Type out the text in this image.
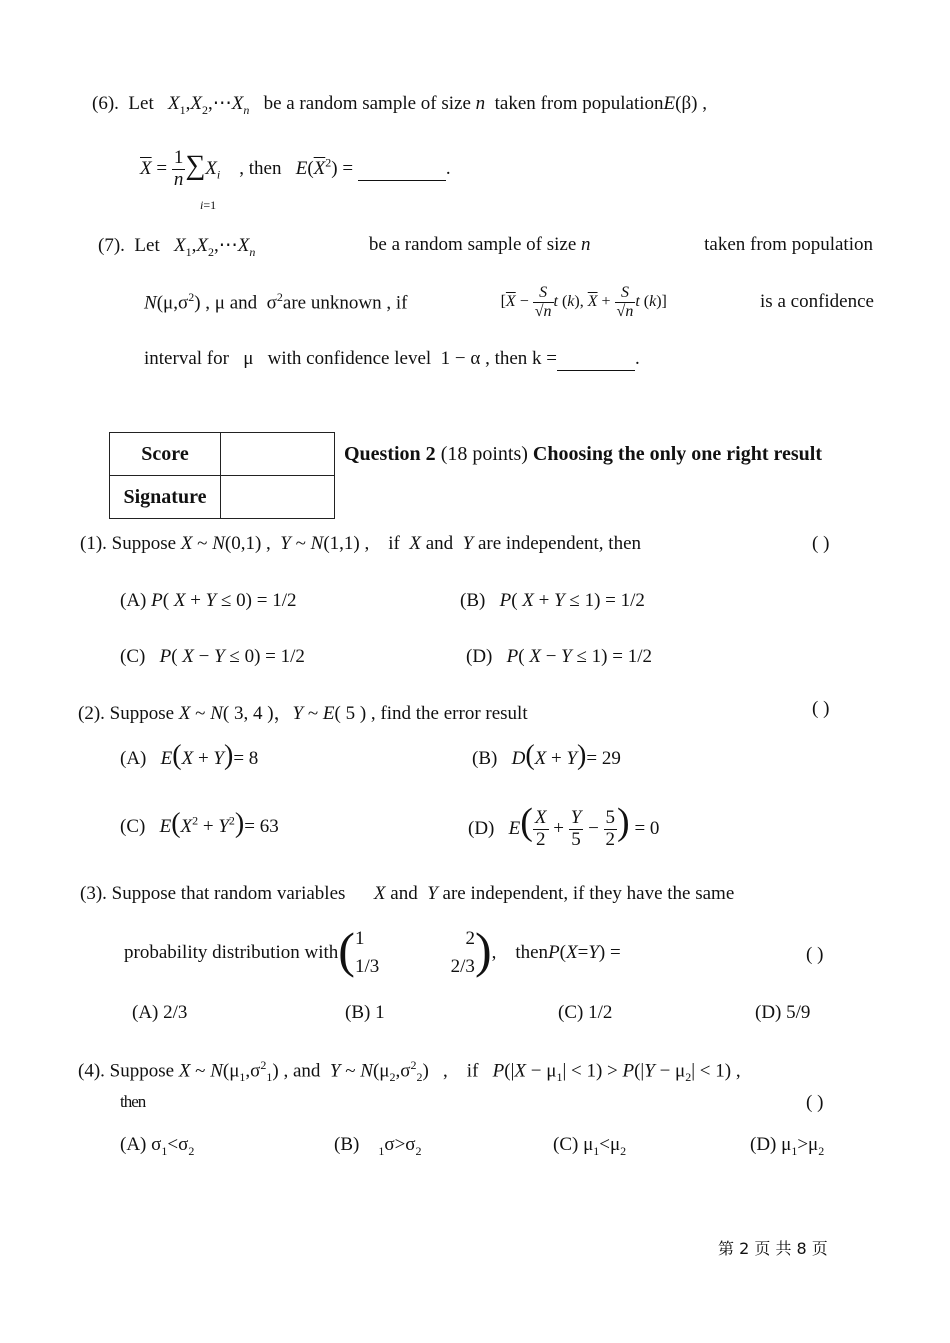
(6). Let $X_1,X_2,\cdots X_n$ be a random sample of size n taken from populationE(β) ,
$\overline{X} = \frac{1}{n} \sum X_i$
i=1
, then $E(\overline{X}^2)$ =	.
(7). Let $X_1,X_2,\cdots X_n$	be a random sample of size n	taken from population
$N(\mu,\sigma^2)$ , μ and  $\sigma^2are$ unknown , if	[$\overline{X} - \frac{S}{√n}$ t (k), $\overline{X} + \frac{S}{√n}$ t (k)]	is a confidence
interval for   μ   with confidence level  1 − α , then k =	.
Score	
Signature	
Question 2 (18 points) Choosing the only one right result
(1). Suppose X ~ N(0,1) ,  Y ~ N(1,1) ,    if  X and  Y are independent, then	( )
(A) P( X + Y ≤ 0) = 1/2	(B)   P( X + Y ≤ 1) = 1/2
(C)   P( X − Y ≤ 0) = 1/2	(D)   P( X − Y ≤ 1) = 1/2
(2). Suppose X ~ N( 3, 4 )，Y ~ E( 5 ) , find the error result	( )
(A)   E(X + Y)= 8	(B)   D(X + Y)= 29
(C)   $E(X^2 + Y^2)= 63$	(D)   $E( \frac{X}{2} + \frac{Y}{5} - \frac{5}{2}$ ) = 0
(3). Suppose that random variables      X and  Y are independent, if they have the same
probability distribution with ( 1	2
1/3	2/3 ) ,    then P ( X = Y ) =	( )
(A) 2/3	(B) 1	(C) 1/2	(D) 5/9
(4). Suppose X ~ $N(\mu_1,\sigma^2_1)$ , and  Y ~ $N(\mu_2,\sigma^2_2)$   ,    if   $P(|X - \mu_1| < 1) > P(|Y - \mu_2| < 1)$ ,
then	( )
(A) $\sigma_1<\sigma_2$	(B)    $_1\sigma>\sigma_2$	(C) $\mu_1<\mu_2$	(D) $\mu_1>\mu_2$
第 2 页 共 8 页
